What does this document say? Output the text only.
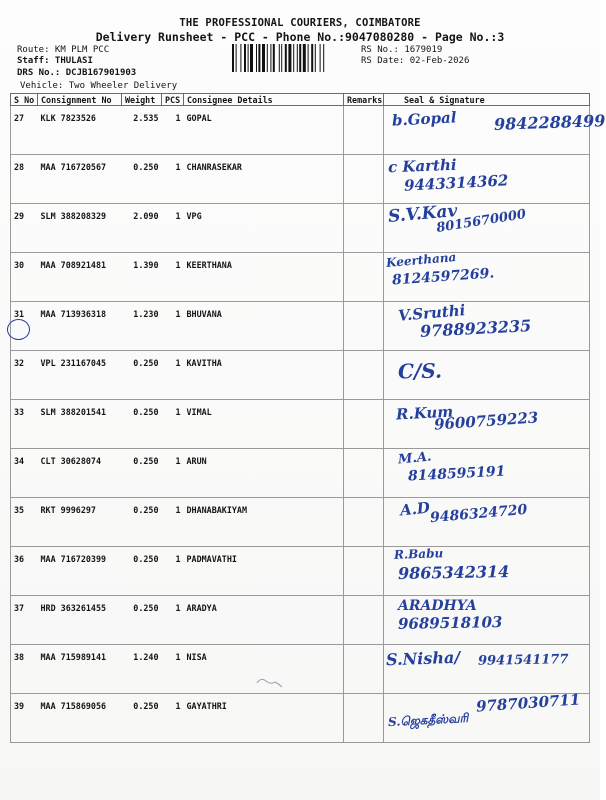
THE PROFESSIONAL COURIERS, COIMBATORE
Delivery Runsheet - PCC - Phone No.:9047080280 - Page No.:3
Route: KM PLM PCC
Staff: THULASI
DRS No.: DCJB167901903
Vehicle: Two Wheeler Delivery
RS No.: 1679019
RS Date: 02-Feb-2026
S No	Consignment No	Weight	PCS	Consignee Details	Remarks	Seal & Signature
27	KLK 7823526	2.535	1	GOPAL		b.Gopal 9842288499

28	MAA 716720567	0.250	1	CHANRASEKAR		c Karthi
9443314362

29	SLM 388208329	2.090	1	VPG		S.V.Kav
8015670000

30	MAA 708921481	1.390	1	KEERTHANA		Keerthana
8124597269.

31	MAA 713936318	1.230	1	BHUVANA		V.Sruthi
9788923235

32	VPL 231167045	0.250	1	KAVITHA		C/S.

33	SLM 388201541	0.250	1	VIMAL		R.Kum
9600759223

34	CLT 30628074	0.250	1	ARUN		M.A.
8148595191

35	RKT 9996297	0.250	1	DHANABAKIYAM		A.D
9486324720

36	MAA 716720399	0.250	1	PADMAVATHI		R.Babu
9865342314

37	HRD 363261455	0.250	1	ARADYA		ARADHYA
9689518103

38	MAA 715989141	1.240	1	NISA		S.Nisha/ 9941541177

39	MAA 715869056	0.250	1	GAYATHRI		9787030711
S.ஜெகதீஸ்வரி
